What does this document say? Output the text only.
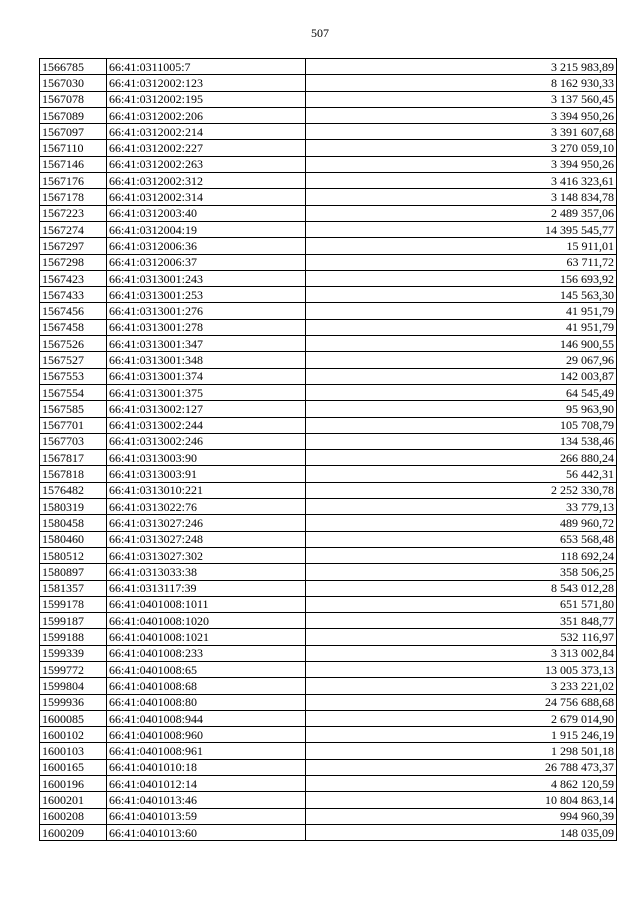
507
1566785	66:41:0311005:7	3 215 983,89
1567030	66:41:0312002:123	8 162 930,33
1567078	66:41:0312002:195	3 137 560,45
1567089	66:41:0312002:206	3 394 950,26
1567097	66:41:0312002:214	3 391 607,68
1567110	66:41:0312002:227	3 270 059,10
1567146	66:41:0312002:263	3 394 950,26
1567176	66:41:0312002:312	3 416 323,61
1567178	66:41:0312002:314	3 148 834,78
1567223	66:41:0312003:40	2 489 357,06
1567274	66:41:0312004:19	14 395 545,77
1567297	66:41:0312006:36	15 911,01
1567298	66:41:0312006:37	63 711,72
1567423	66:41:0313001:243	156 693,92
1567433	66:41:0313001:253	145 563,30
1567456	66:41:0313001:276	41 951,79
1567458	66:41:0313001:278	41 951,79
1567526	66:41:0313001:347	146 900,55
1567527	66:41:0313001:348	29 067,96
1567553	66:41:0313001:374	142 003,87
1567554	66:41:0313001:375	64 545,49
1567585	66:41:0313002:127	95 963,90
1567701	66:41:0313002:244	105 708,79
1567703	66:41:0313002:246	134 538,46
1567817	66:41:0313003:90	266 880,24
1567818	66:41:0313003:91	56 442,31
1576482	66:41:0313010:221	2 252 330,78
1580319	66:41:0313022:76	33 779,13
1580458	66:41:0313027:246	489 960,72
1580460	66:41:0313027:248	653 568,48
1580512	66:41:0313027:302	118 692,24
1580897	66:41:0313033:38	358 506,25
1581357	66:41:0313117:39	8 543 012,28
1599178	66:41:0401008:1011	651 571,80
1599187	66:41:0401008:1020	351 848,77
1599188	66:41:0401008:1021	532 116,97
1599339	66:41:0401008:233	3 313 002,84
1599772	66:41:0401008:65	13 005 373,13
1599804	66:41:0401008:68	3 233 221,02
1599936	66:41:0401008:80	24 756 688,68
1600085	66:41:0401008:944	2 679 014,90
1600102	66:41:0401008:960	1 915 246,19
1600103	66:41:0401008:961	1 298 501,18
1600165	66:41:0401010:18	26 788 473,37
1600196	66:41:0401012:14	4 862 120,59
1600201	66:41:0401013:46	10 804 863,14
1600208	66:41:0401013:59	994 960,39
1600209	66:41:0401013:60	148 035,09
